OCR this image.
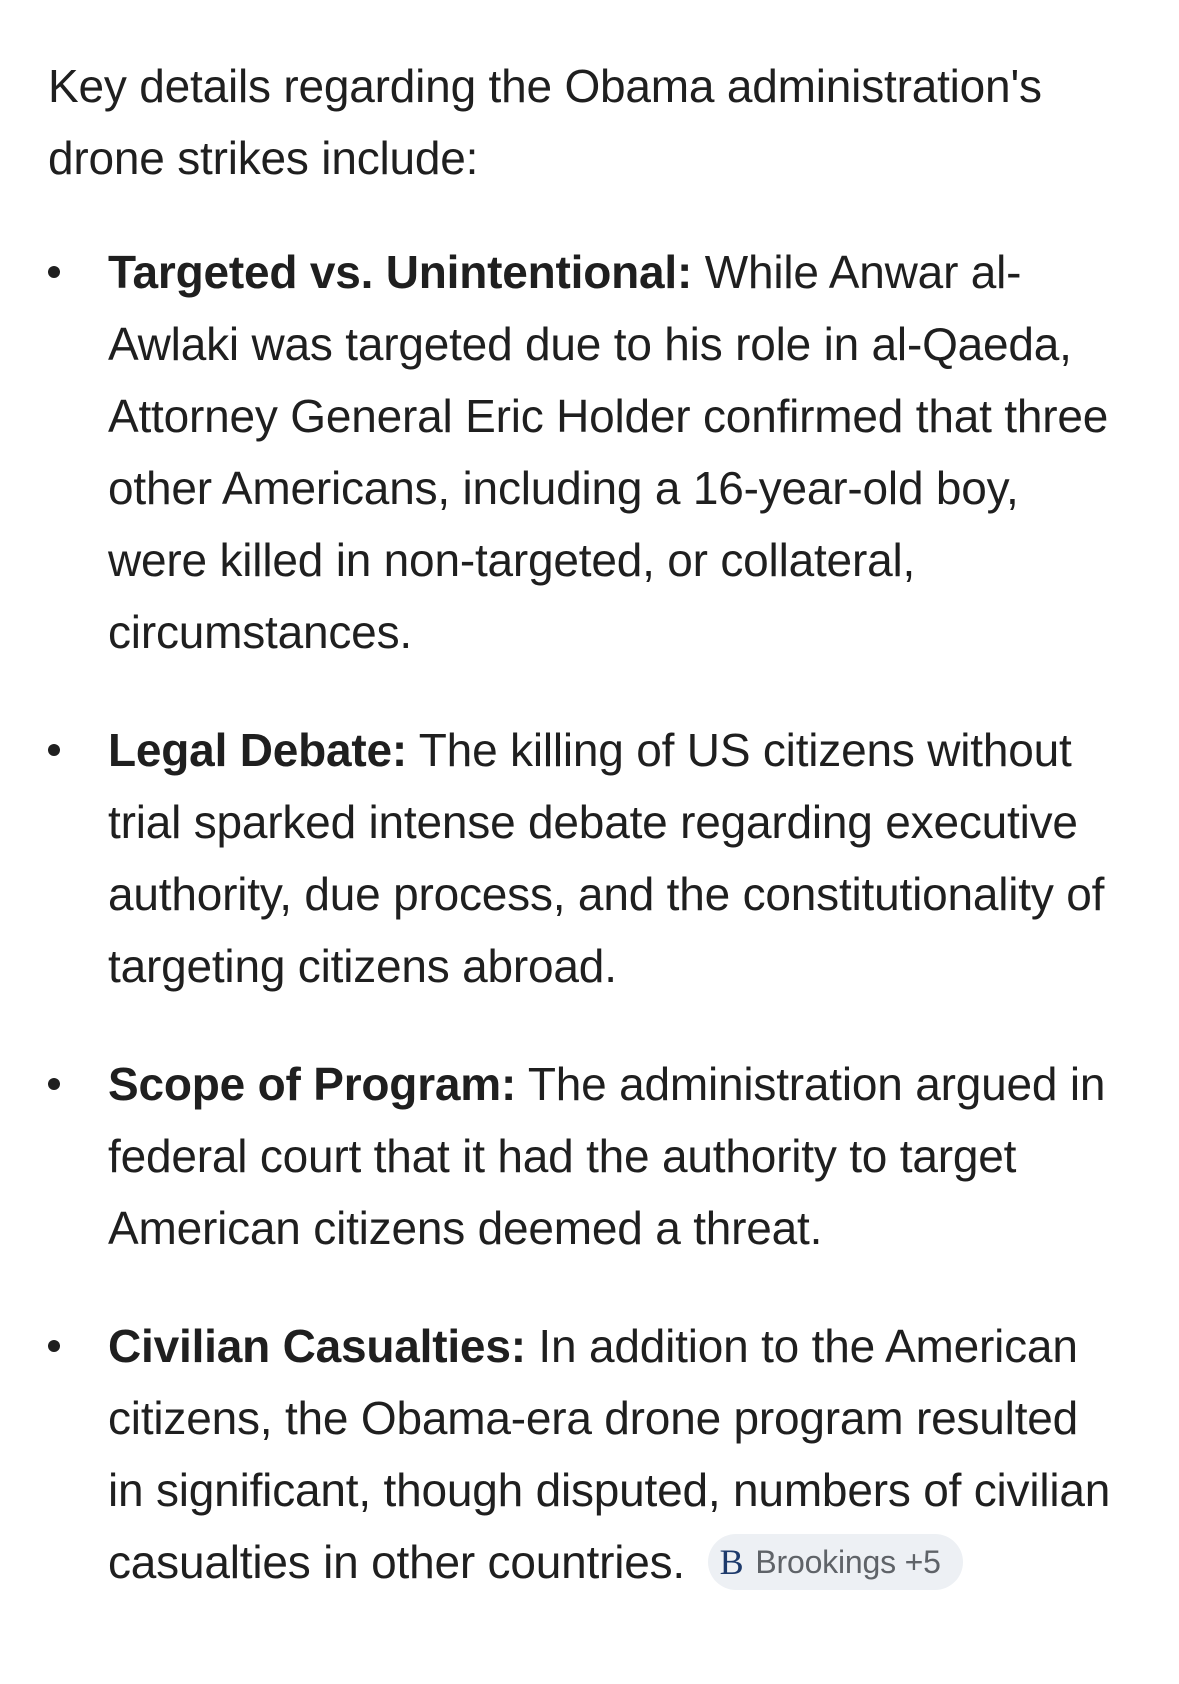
Key details regarding the Obama administration's drone strikes include:

Targeted vs. Unintentional: While Anwar al-Awlaki was targeted due to his role in al-Qaeda, Attorney General Eric Holder confirmed that three other Americans, including a 16-year-old boy, were killed in non-targeted, or collateral, circumstances.
Legal Debate: The killing of US citizens without trial sparked intense debate regarding executive authority, due process, and the constitutionality of targeting citizens abroad.
Scope of Program: The administration argued in federal court that it had the authority to target American citizens deemed a threat.
Civilian Casualties: In addition to the American citizens, the Obama-era drone program resulted in significant, though disputed, numbers of civilian casualties in other countries. B Brookings +5
